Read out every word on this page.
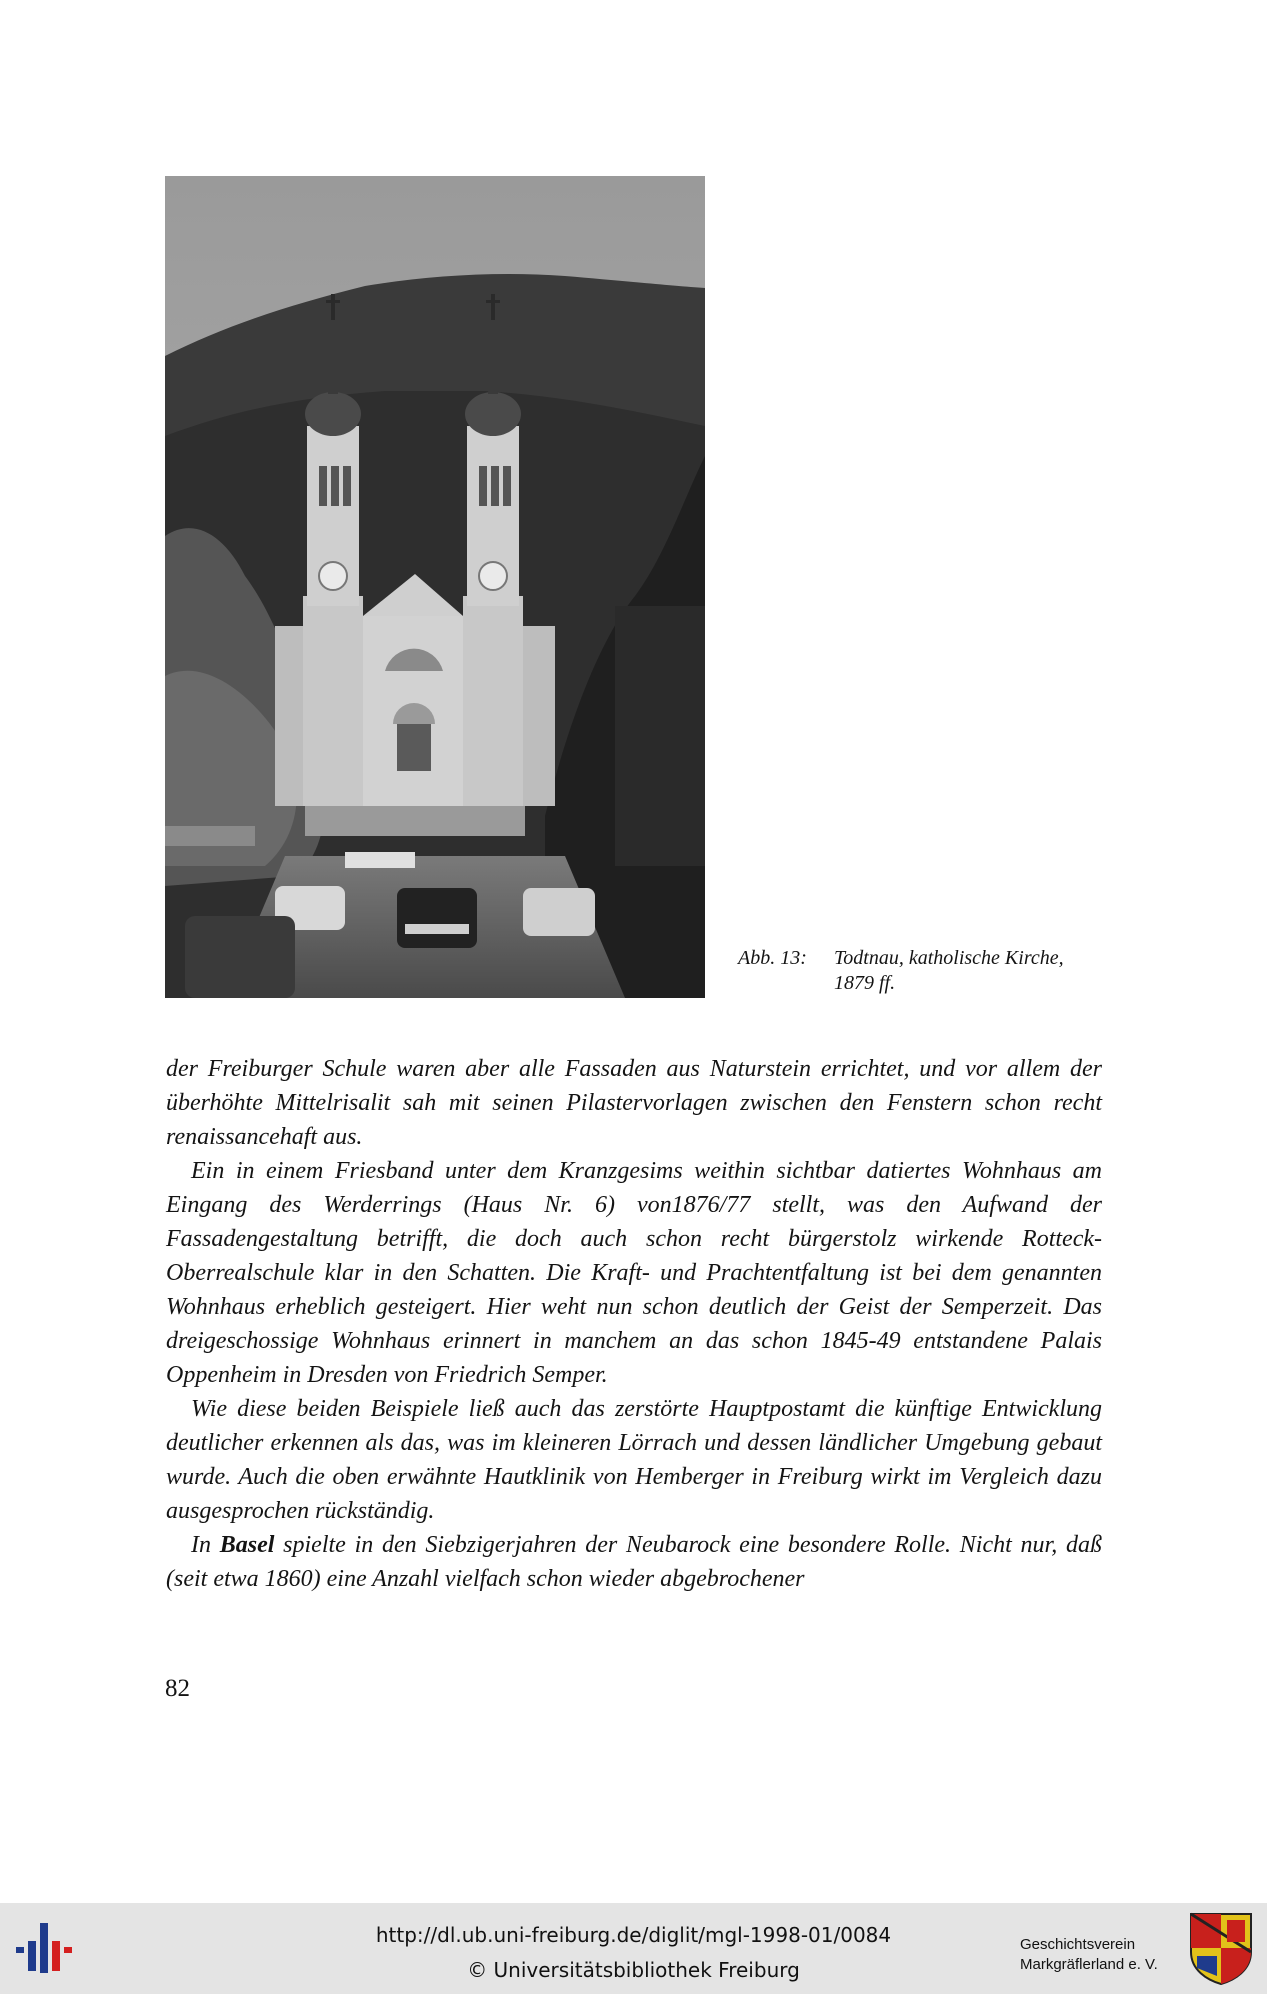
Abb. 13: Todtnau, katholische Kirche,
1879 ff.

der Freiburger Schule waren aber alle Fassaden aus Naturstein errichtet, und vor allem der überhöhte Mittelrisalit sah mit seinen Pilastervorlagen zwischen den Fenstern schon recht renaissancehaft aus.

Ein in einem Friesband unter dem Kranzgesims weithin sichtbar datiertes Wohnhaus am Eingang des Werderrings (Haus Nr. 6) von1876/77 stellt, was den Aufwand der Fassadengestaltung betrifft, die doch auch schon recht bürgerstolz wirkende Rotteck-Oberrealschule klar in den Schatten. Die Kraft- und Prachtentfaltung ist bei dem genannten Wohnhaus erheblich gesteigert. Hier weht nun schon deutlich der Geist der Semperzeit. Das dreigeschossige Wohnhaus erinnert in manchem an das schon 1845-49 entstandene Palais Oppenheim in Dresden von Friedrich Semper.

Wie diese beiden Beispiele ließ auch das zerstörte Hauptpostamt die künftige Entwicklung deutlicher erkennen als das, was im kleineren Lörrach und dessen ländlicher Umgebung gebaut wurde. Auch die oben erwähnte Hautklinik von Hemberger in Freiburg wirkt im Vergleich dazu ausgesprochen rückständig.

In Basel spielte in den Siebzigerjahren der Neubarock eine besondere Rolle. Nicht nur, daß (seit etwa 1860) eine Anzahl vielfach schon wieder abgebrochener

82
http://dl.ub.uni-freiburg.de/diglit/mgl-1998-01/0084
© Universitätsbibliothek Freiburg
Geschichtsverein
Markgräflerland e. V.
